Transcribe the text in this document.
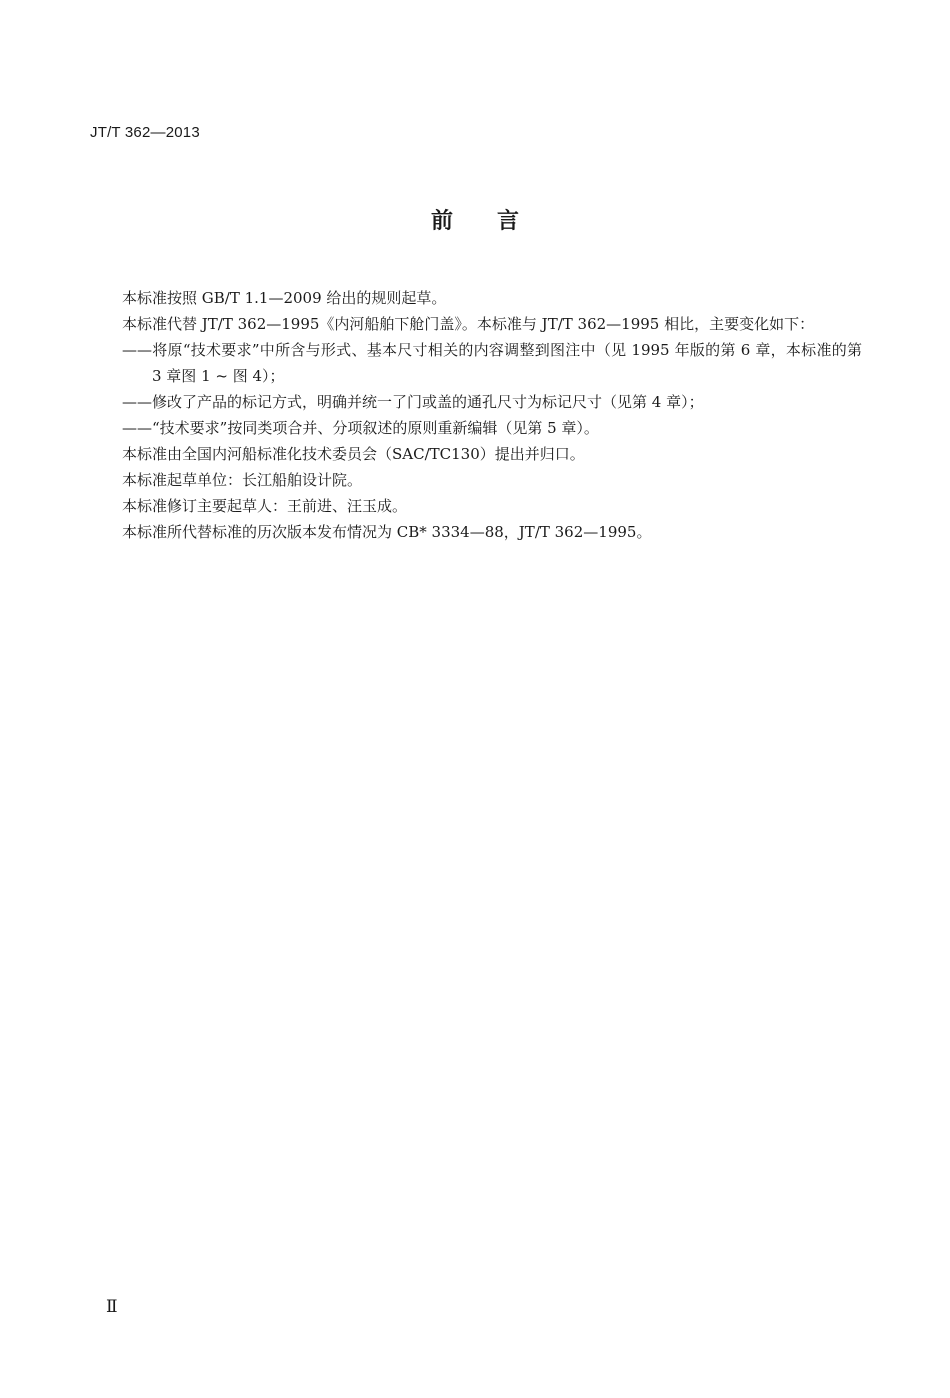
JT/T 362—2013
前 言

本标准按照 GB/T 1.1—2009 给出的规则起草。

本标准代替 JT/T 362—1995《内河船舶下舱门盖》。本标准与 JT/T 362—1995 相比，主要变化如下：

——将原“技术要求”中所含与形式、基本尺寸相关的内容调整到图注中（见 1995 年版的第 6 章，本标准的第 3 章图 1 ~ 图 4）；

——修改了产品的标记方式，明确并统一了门或盖的通孔尺寸为标记尺寸（见第 4 章）；

——“技术要求”按同类项合并、分项叙述的原则重新编辑（见第 5 章）。

本标准由全国内河船标准化技术委员会（SAC/TC130）提出并归口。

本标准起草单位：长江船舶设计院。

本标准修订主要起草人：王前进、汪玉成。

本标准所代替标准的历次版本发布情况为 CB* 3334—88，JT/T 362—1995。

Ⅱ
